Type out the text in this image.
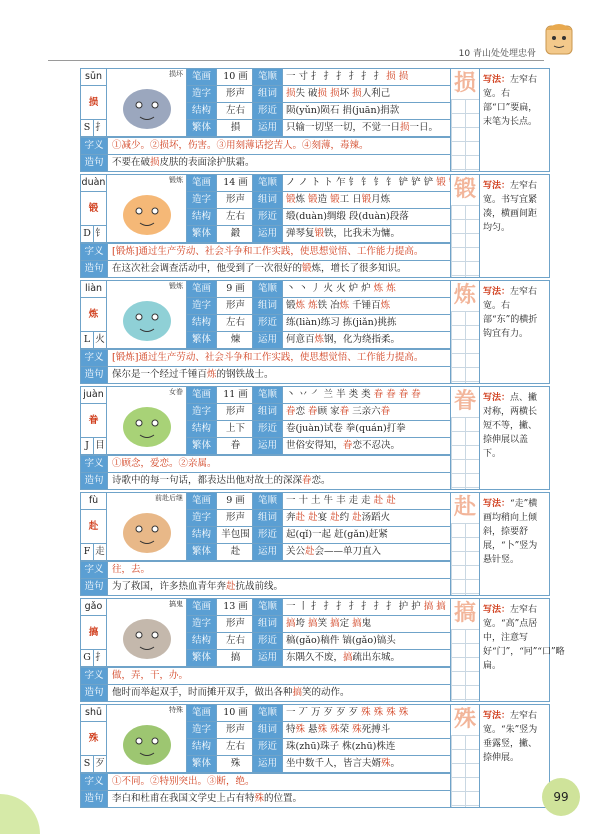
10 青山处处埋忠骨
sǔn
损
S 扌
损坏 笔画	10 画	笔顺 一 寸 扌 扌 扌 扌 扌 扌 损 损
造字	形声	组词 损失 破损 损坏 损人利己
结构	左右	形近 陨(yǔn)陨石 捐(juān)捐款
繁体	損	运用 只输一切坚一切，不觉一日损一日。
字义 ①减少。②损坏，伤害。③用刻薄话挖苦人。④刻薄，毒辣。
造句 不要在破损皮肤的表面涂护肤霜。
损 写法：左窄右宽。右部“口”要扁，末笔为长点。
duàn
锻
D 钅
锻炼 笔画	14 画	笔顺 ノ ノ ト ト 乍 钅 钅 钅 钅 铲 铲 铲 锻
造字	形声	组词 锻炼 锻造 锻工 日锻月炼
结构	左右	形近 缎(duàn)绸缎 段(duàn)段落
繁体	鍛	运用 弹琴复锻铁，比我未为慵。
字义 [锻炼]通过生产劳动、社会斗争和工作实践，使思想觉悟、工作能力提高。
造句 在这次社会调查活动中，他受到了一次很好的锻炼，增长了很多知识。
锻 写法：左窄右宽。书写宜紧凑，横画间距均匀。
liàn
炼
L 火
锻炼 笔画	9 画	笔顺 丶 丶 丿 火 火 炉 炉 炼 炼
造字	形声	组词 锻炼 炼铁 冶炼 千锤百炼
结构	左右	形近 练(liàn)练习 拣(jiǎn)挑拣
繁体	煉	运用 何意百炼钢，化为绕指柔。
字义 [锻炼]通过生产劳动、社会斗争和工作实践，使思想觉悟、工作能力提高。
造句 保尔是一个经过千锤百炼的钢铁战士。
炼 写法：左窄右宽。右部“东”的横折钩宜有力。
juàn
眷
J 目
女眷 笔画	11 画	笔顺 丶 丷 ㇒ 兰 半 类 类 眷 眷 眷 眷
造字	形声	组词 眷恋 眷顾 家眷 三亲六眷
结构	上下	形近 卷(juàn)试卷 拳(quán)打拳
繁体	眷	运用 世俗安得知，眷恋不忍决。
字义 ①顾念，爱恋。②亲属。
造句 诗歌中的每一句话，都表达出他对故土的深深眷恋。
眷 写法：点、撇对称，两横长短不等，撇、捺伸展以盖下。
fù
赴
F 走
前赴后继 笔画	9 画	笔顺 一 十 土 牛 丰 走 走 赴 赴
造字	形声	组词 奔赴 赴宴 赴约 赴汤蹈火
结构	半包围 形近 起(qǐ)一起 赶(gǎn)赶紧
繁体	赴	运用 关公赴会——单刀直入
字义 往，去。
造句 为了救国，许多热血青年奔赴抗战前线。
赴 写法：“走”横画均稍向上倾斜，捺要舒展，“卜”竖为悬针竖。
gǎo
搞
G 扌
搞鬼 笔画	13 画	笔顺 一 丨 扌 扌 扌 扌 扌 扌 扌 护 护 搞 搞
造字	形声	组词 搞垮 搞笑 搞定 搞鬼
结构	左右	形近 稿(gǎo)稿件 镐(gǎo)镐头
繁体	搞	运用 东隅久不废，搞疏出东城。
字义 做，弄，干，办。
造句 他时而举起双手，时而摊开双手，做出各种搞笑的动作。
搞 写法：左窄右宽。“高”点居中，注意写好“门”，“冋”“口”略扁。
shū
殊
S 歹
特殊 笔画	10 画	笔顺 一 丆 万 歹 歹 歹 殊 殊 殊 殊
造字	形声	组词 特殊 悬殊 殊荣 殊死搏斗
结构	左右	形近 珠(zhū)珠子 株(zhū)株连
繁体	殊	运用 坐中数千人，皆言夫婿殊。
字义 ①不同。②特别突出。③断，绝。
造句 李白和杜甫在我国文学史上占有特殊的位置。
殊 写法：左窄右宽。“朱”竖为垂露竖，撇、捺伸展。
99
